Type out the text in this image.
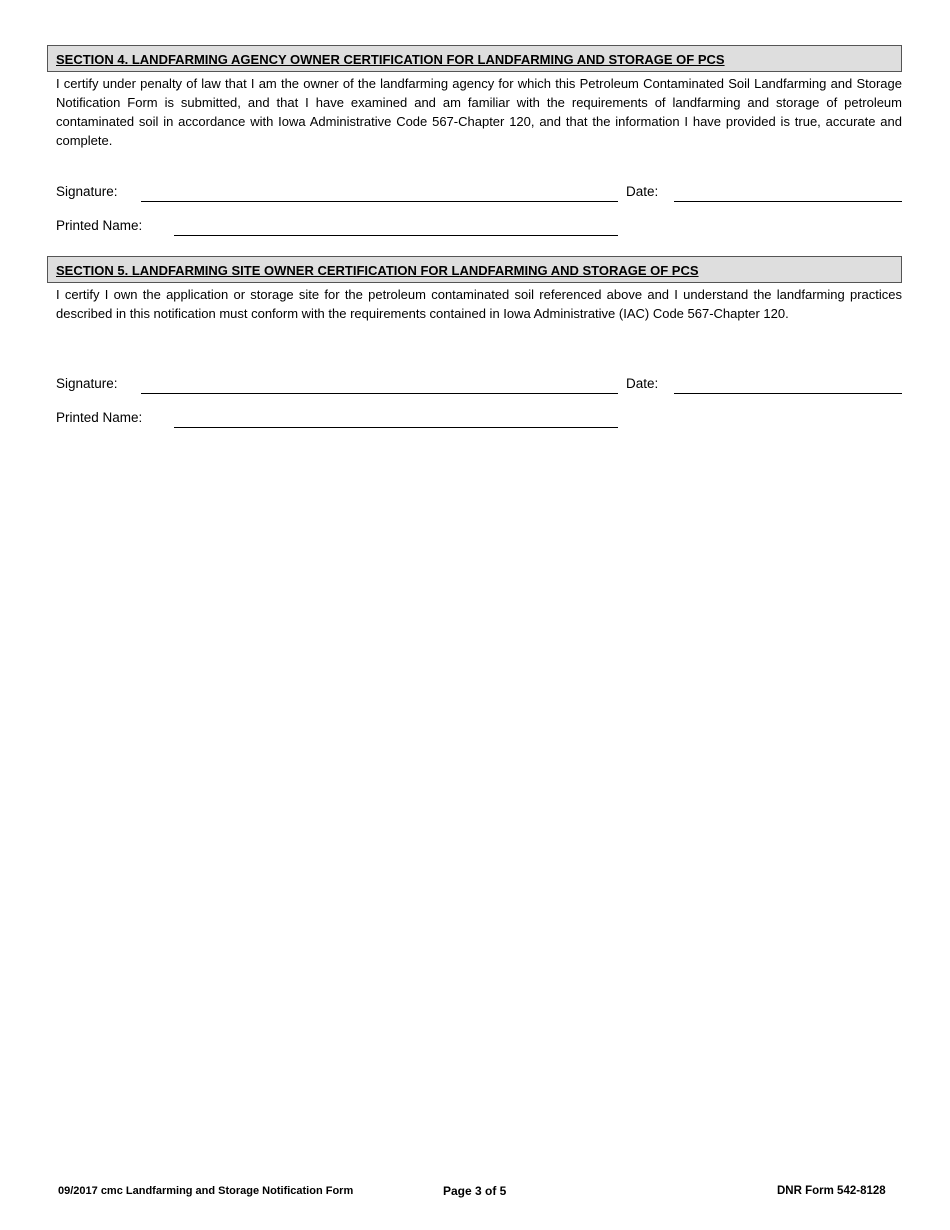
SECTION 4. LANDFARMING AGENCY OWNER CERTIFICATION FOR LANDFARMING AND STORAGE OF PCS
I certify under penalty of law that I am the owner of the landfarming agency for which this Petroleum Contaminated Soil Landfarming and Storage Notification Form is submitted, and that I have examined and am familiar with the requirements of landfarming and storage of petroleum contaminated soil in accordance with Iowa Administrative Code 567-Chapter 120, and that the information I have provided is true, accurate and complete.
Signature:	Date:
Printed Name:
SECTION 5. LANDFARMING SITE OWNER CERTIFICATION FOR LANDFARMING AND STORAGE OF PCS
I certify I own the application or storage site for the petroleum contaminated soil referenced above and I understand the landfarming practices described in this notification must conform with the requirements contained in Iowa Administrative (IAC) Code 567-Chapter 120.
Signature:	Date:
Printed Name:
09/2017 cmc Landfarming and Storage Notification Form	Page 3 of 5	DNR Form 542-8128
